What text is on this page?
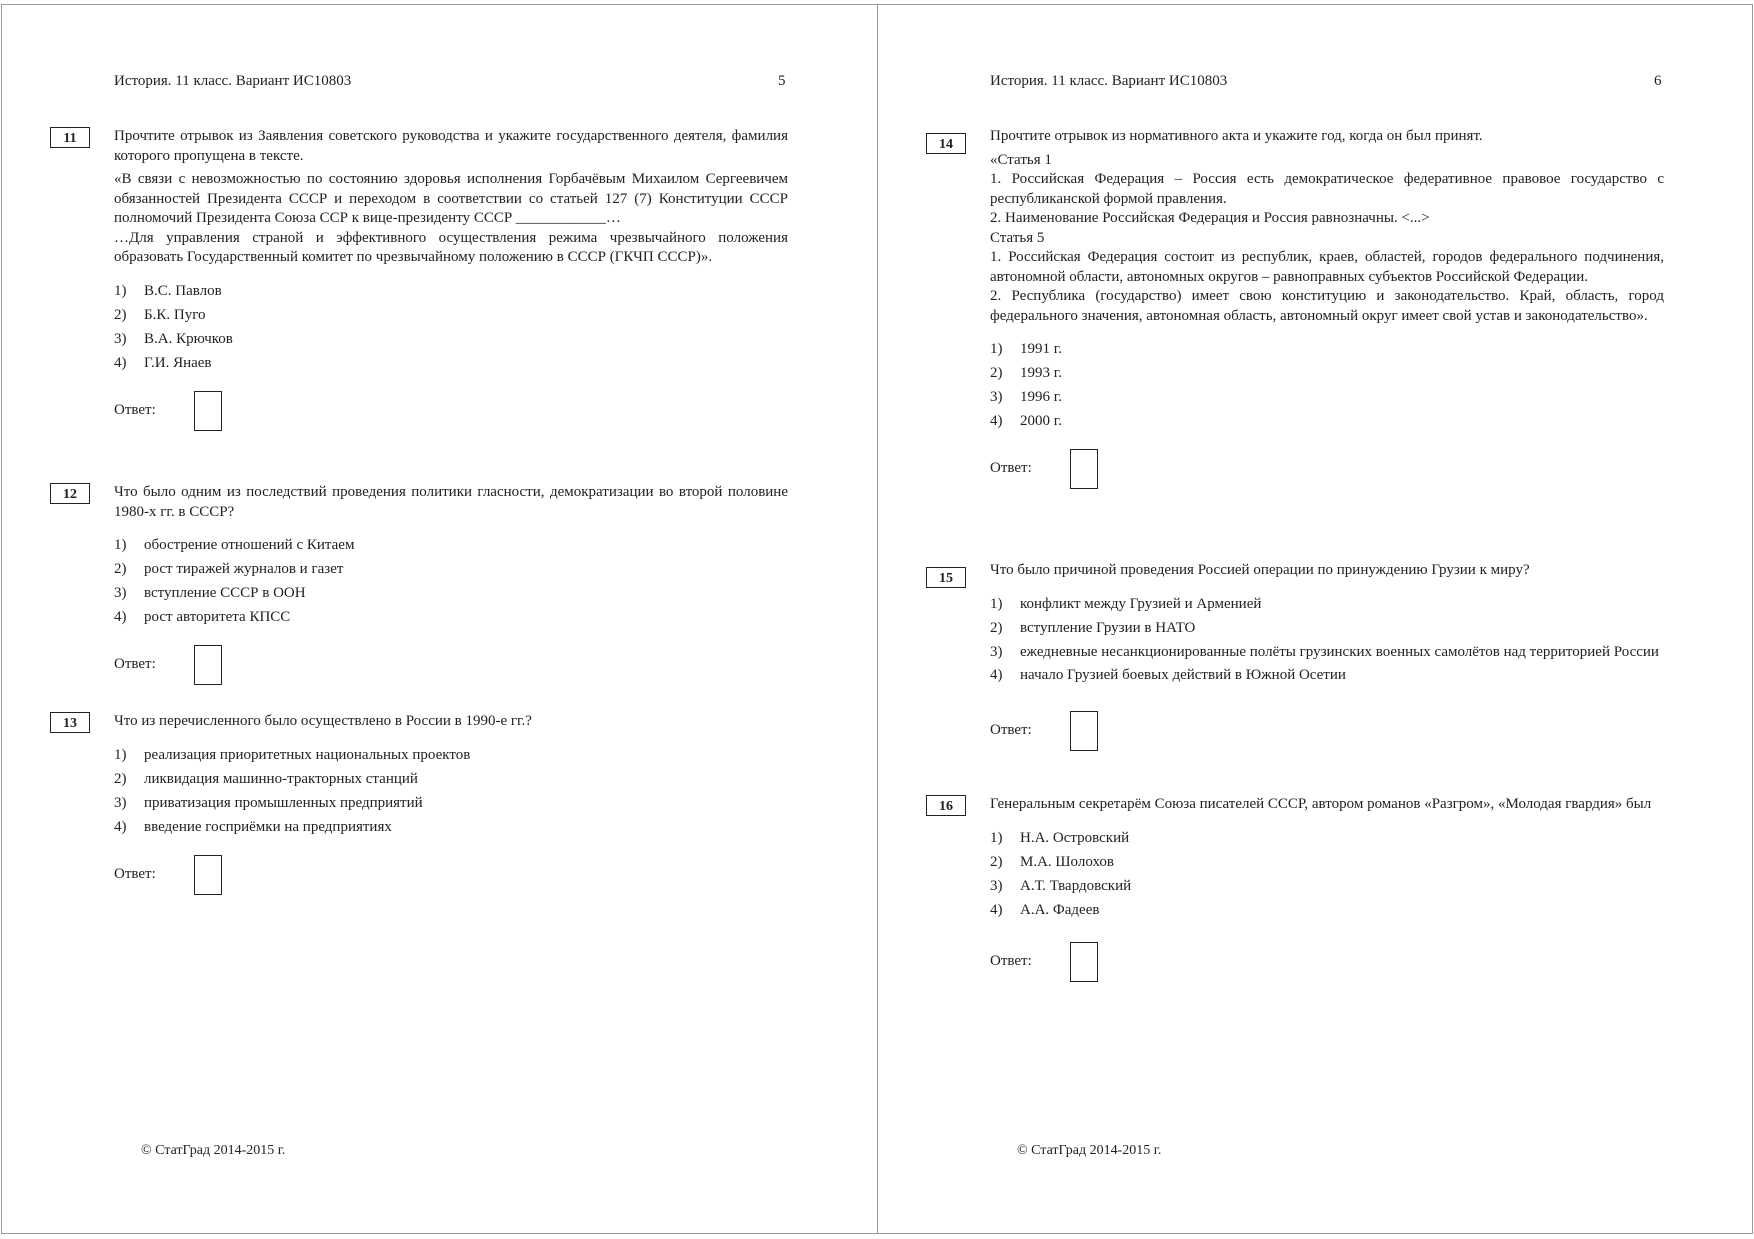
История. 11 класс. Вариант ИС10803	5
11	Прочтите отрывок из Заявления советского руководства и укажите государственного деятеля, фамилия которого пропущена в тексте.

«В связи с невозможностью по состоянию здоровья исполнения Горбачёвым Михаилом Сергеевичем обязанностей Президента СССР и переходом в соответствии со статьей 127 (7) Конституции СССР полномочий Президента Союза ССР к вице-президенту СССР ____________…

…Для управления страной и эффективного осуществления режима чрезвычайного положения образовать Государственный комитет по чрезвычайному положению в СССР (ГКЧП СССР)».

1)	В.С. Павлов
2)	Б.К. Пуго
3)	В.А. Крючков
4)	Г.И. Янаев
Ответ:
12	Что было одним из последствий проведения политики гласности, демократизации во второй половине 1980-х гг. в СССР?

1)	обострение отношений с Китаем
2)	рост тиражей журналов и газет
3)	вступление СССР в ООН
4)	рост авторитета КПСС
Ответ:
13	Что из перечисленного было осуществлено в России в 1990-е гг.?

1)	реализация приоритетных национальных проектов
2)	ликвидация машинно-тракторных станций
3)	приватизация промышленных предприятий
4)	введение госприёмки на предприятиях
Ответ:
© СтатГрад 2014-2015 г.
История. 11 класс. Вариант ИС10803	6
14

Прочтите отрывок из нормативного акта и укажите год, когда он был принят.

«Статья 1

1. Российская Федерация – Россия есть демократическое федеративное правовое государство с республиканской формой правления.

2. Наименование Российская Федерация и Россия равнозначны. <...>

Статья 5

1. Российская Федерация состоит из республик, краев, областей, городов федерального подчинения, автономной области, автономных округов – равноправных субъектов Российской Федерации.

2. Республика (государство) имеет свою конституцию и законодательство. Край, область, город федерального значения, автономная область, автономный округ имеет свой устав и законодательство».

1)	1991 г.
2)	1993 г.
3)	1996 г.
4)	2000 г.
Ответ:
15

Что было причиной проведения Россией операции по принуждению Грузии к миру?

1)	конфликт между Грузией и Арменией
2)	вступление Грузии в НАТО
3)	ежедневные несанкционированные полёты грузинских военных самолётов над территорией России
4)	начало Грузией боевых действий в Южной Осетии
Ответ:
16	Генеральным секретарём Союза писателей СССР, автором романов «Разгром», «Молодая гвардия» был

1)	Н.А. Островский
2)	М.А. Шолохов
3)	А.Т. Твардовский
4)	А.А. Фадеев
Ответ:
© СтатГрад 2014-2015 г.
